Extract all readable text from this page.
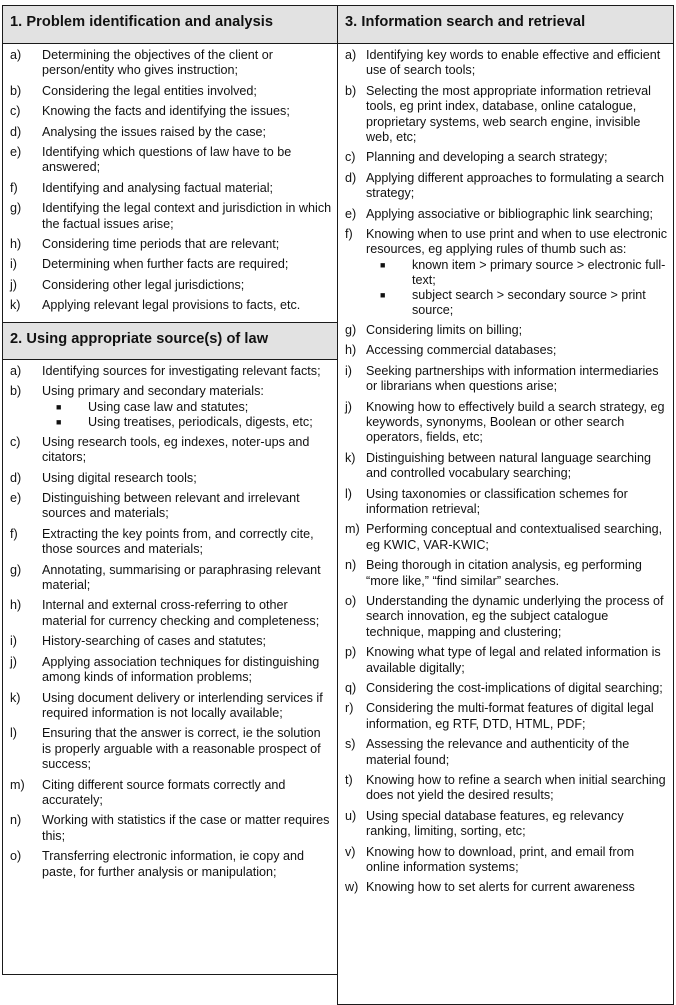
1. Problem identification and analysis
a)	Determining the objectives of the client or person/entity who gives instruction;
b)	Considering the legal entities involved;
c)	Knowing the facts and identifying the issues;
d)	Analysing the issues raised by the case;
e)	Identifying which questions of law have to be answered;
f)	Identifying and analysing factual material;
g)	Identifying the legal context and jurisdiction in which the factual issues arise;
h)	Considering time periods that are relevant;
i)	Determining when further facts are required;
j)	Considering other legal jurisdictions;
k)	Applying relevant legal provisions to facts, etc.
2. Using appropriate source(s) of law
a)	Identifying sources for investigating relevant facts;
b)	Using primary and secondary materials:
■	Using case law and statutes;
■	Using treatises, periodicals, digests, etc;
c)	Using research tools, eg indexes, noter-ups and citators;
d)	Using digital research tools;
e)	Distinguishing between relevant and irrelevant sources and materials;
f)	Extracting the key points from, and correctly cite, those sources and materials;
g)	Annotating, summarising or paraphrasing relevant material;
h)	Internal and external cross-referring to other material for currency checking and completeness;
i)	History-searching of cases and statutes;
j)	Applying association techniques for distinguishing among kinds of information problems;
k)	Using document delivery or interlending services if required information is not locally available;
l)	Ensuring that the answer is correct, ie the solution is properly arguable with a reasonable prospect of success;
m)	Citing different source formats correctly and accurately;
n)	Working with statistics if the case or matter requires this;
o)	Transferring electronic information, ie copy and paste, for further analysis or manipulation;
3. Information search and retrieval
a) Identifying key words to enable effective and efficient use of search tools;
b) Selecting the most appropriate information retrieval tools, eg print index, database, online catalogue, proprietary systems, web search engine, invisible web, etc;
c) Planning and developing a search strategy;
d) Applying different approaches to formulating a search strategy;
e) Applying associative or bibliographic link searching;
f)	Knowing when to use print and when to use electronic resources, eg applying rules of thumb such as:
■	known item > primary source > electronic full-text;
■	subject search > secondary source > print source;
g) Considering limits on billing;
h) Accessing commercial databases;
i)	Seeking partnerships with information intermediaries or librarians when questions arise;
j)	Knowing how to effectively build a search strategy, eg keywords, synonyms, Boolean or other search operators, fields, etc;
k) Distinguishing between natural language searching and controlled vocabulary searching;
l)	Using taxonomies or classification schemes for information retrieval;
m) Performing conceptual and contextualised searching, eg KWIC, VAR-KWIC;
n) Being thorough in citation analysis, eg performing “more like,” “find similar” searches.
o) Understanding the dynamic underlying the process of search innovation, eg the subject catalogue technique, mapping and clustering;
p) Knowing what type of legal and related information is available digitally;
q) Considering the cost-implications of digital searching;
r)	Considering the multi-format features of digital legal information, eg RTF, DTD, HTML, PDF;
s) Assessing the relevance and authenticity of the material found;
t)	Knowing how to refine a search when initial searching does not yield the desired results;
u) Using special database features, eg relevancy ranking, limiting, sorting, etc;
v) Knowing how to download, print, and email from online information systems;
w) Knowing how to set alerts for current awareness
